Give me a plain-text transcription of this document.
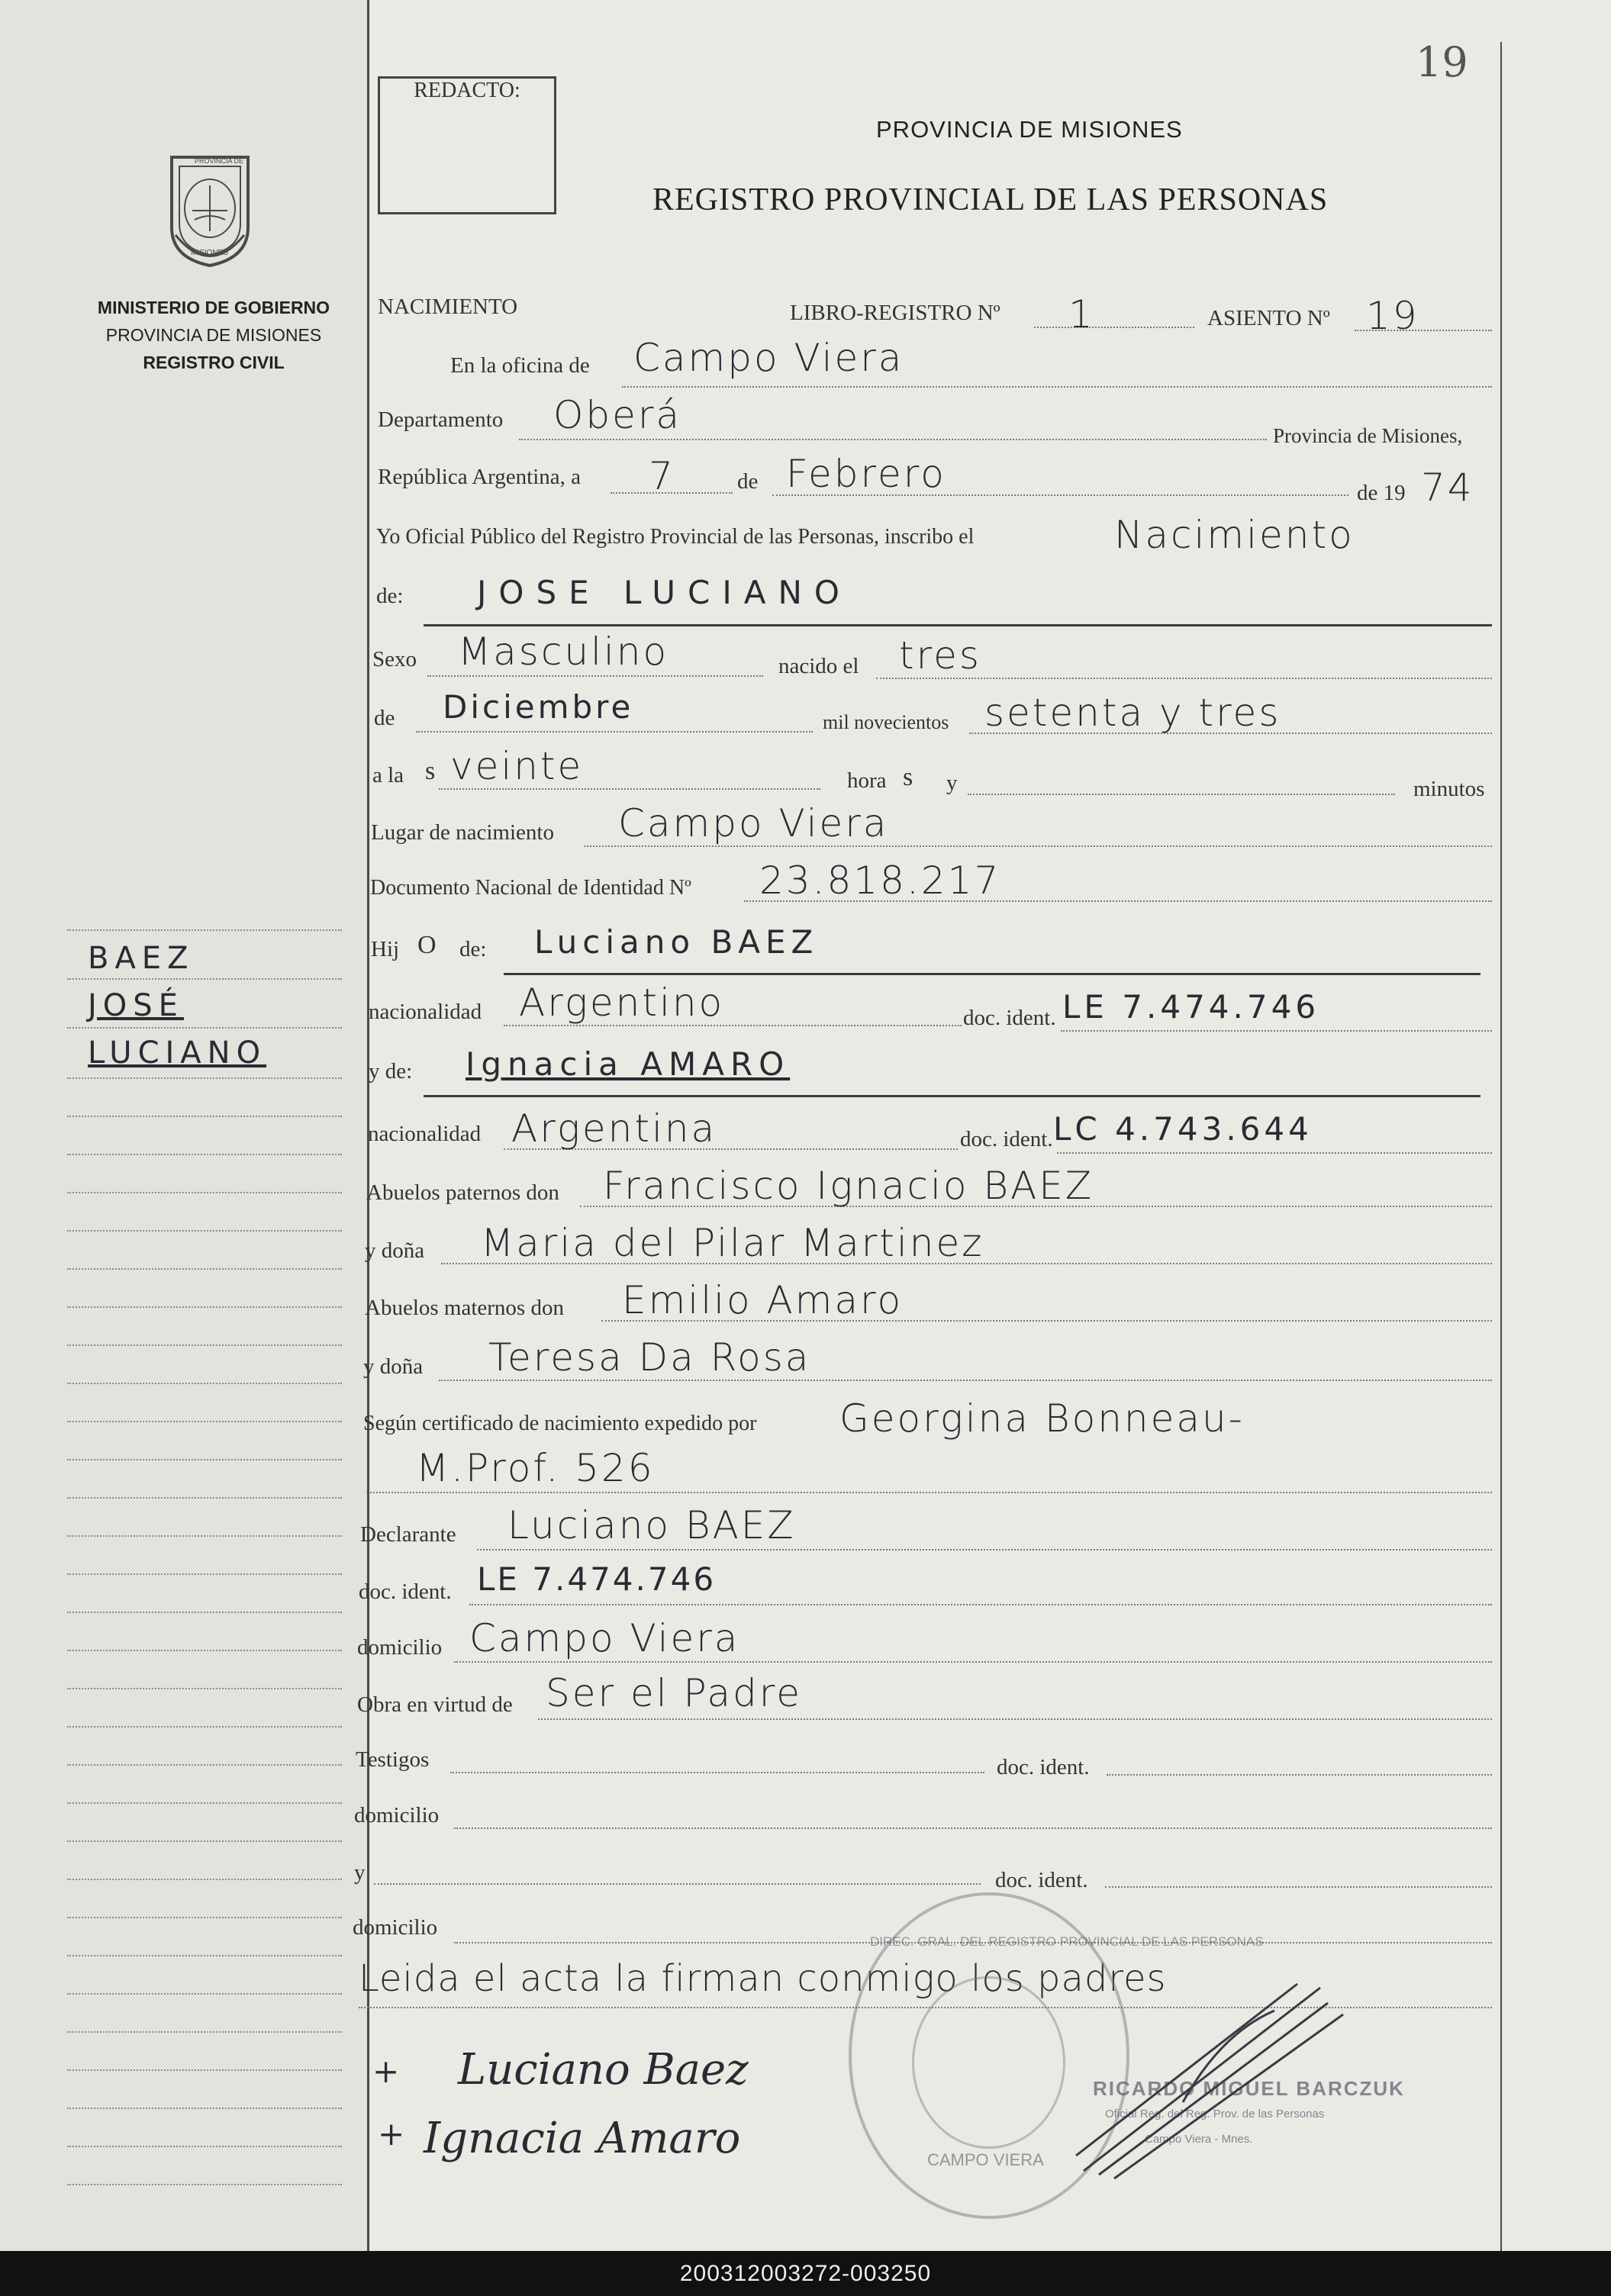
19
REDACTO:
PROVINCIA DE MISIONES
REGISTRO PROVINCIAL DE LAS PERSONAS
PROVINCIA DE
MISIONES
MINISTERIO DE GOBIERNO
PROVINCIA DE MISIONES
REGISTRO CIVIL
BAEZ
JOSÉ
LUCIANO
NACIMIENTO	LIBRO-REGISTRO Nº 1	ASIENTO Nº 19
En la oficina de Campo Viera
Departamento Oberá	Provincia de Misiones,
República Argentina, a 7	de Febrero	de 19 74
Yo Oficial Público del Registro Provincial de las Personas, inscribo el	Nacimiento
de: JOSE LUCIANO
Sexo Masculino	nacido el tres
de Diciembre	mil novecientos setenta y tres
a la s veinte	hora s y	minutos
Lugar de nacimiento Campo Viera
Documento Nacional de Identidad Nº 23.818.217
Hij O de: Luciano BAEZ
nacionalidad Argentino	doc. ident. LE 7.474.746
y de: Ignacia AMARO
nacionalidad Argentina	doc. ident. LC 4.743.644
Abuelos paternos don Francisco Ignacio BAEZ
y doña Maria del Pilar Martinez
Abuelos maternos don Emilio Amaro
y doña Teresa Da Rosa
Según certificado de nacimiento expedido por Georgina Bonneau-
M.Prof. 526
Declarante Luciano BAEZ
doc. ident. LE 7.474.746
domicilio Campo Viera
Obra en virtud de Ser el Padre
Testigos	doc. ident.
domicilio
y	doc. ident.
domicilio
Leida el acta la firman conmigo los padres
DIREC. GRAL. DEL REGISTRO PROVINCIAL DE LAS PERSONAS
CAMPO VIERA
RICARDO MIGUEL BARCZUK
Oficial Reg. del Reg. Prov. de las Personas
Campo Viera - Mnes.
+ Luciano Baez
+ Ignacia Amaro
200312003272-003250
